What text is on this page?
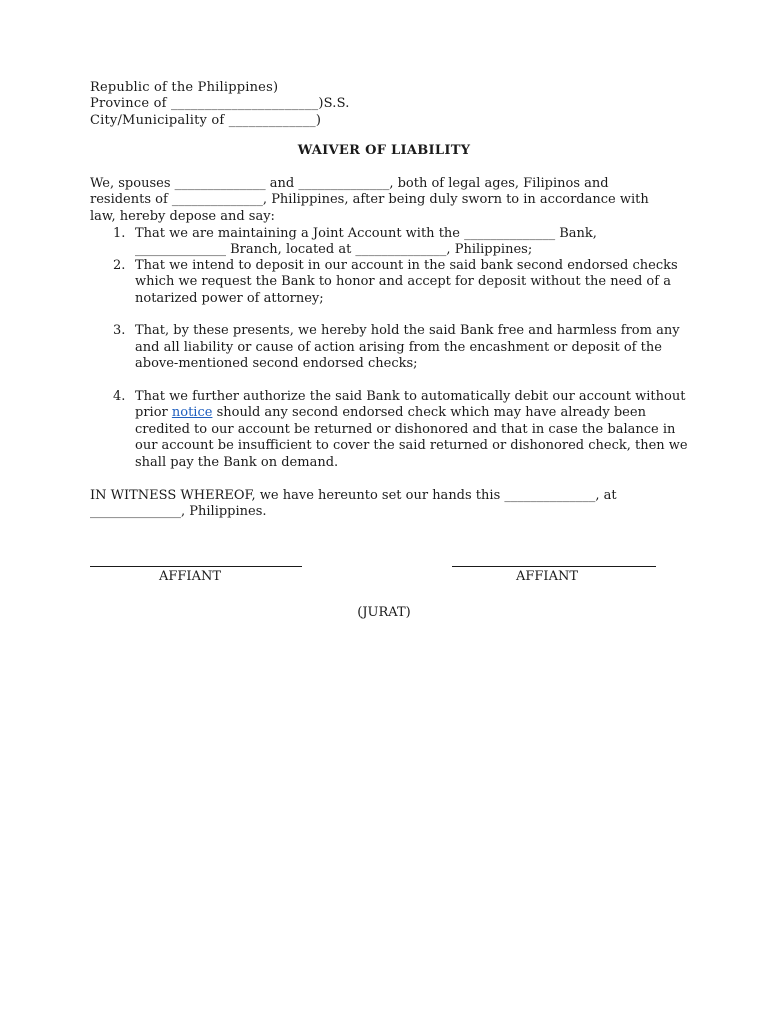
Republic of the Philippines)
Province of ______________________)S.S.
City/Municipality of _____________)
WAIVER OF LIABILITY
We, spouses ______________ and ______________, both of legal ages, Filipinos and
residents of ______________, Philippines, after being duly sworn to in accordance with
law, hereby depose and say:
1. That we are maintaining a Joint Account with the ______________ Bank,
______________ Branch, located at ______________, Philippines;
2. That we intend to deposit in our account in the said bank second endorsed checks
which we request the Bank to honor and accept for deposit without the need of a
notarized power of attorney;
3. That, by these presents, we hereby hold the said Bank free and harmless from any
and all liability or cause of action arising from the encashment or deposit of the
above-mentioned second endorsed checks;
4. That we further authorize the said Bank to automatically debit our account without
prior notice should any second endorsed check which may have already been
credited to our account be returned or dishonored and that in case the balance in
our account be insufficient to cover the said returned or dishonored check, then we
shall pay the Bank on demand.
IN WITNESS WHEREOF, we have hereunto set our hands this ______________, at
______________, Philippines.
AFFIANT	AFFIANT
(JURAT)
